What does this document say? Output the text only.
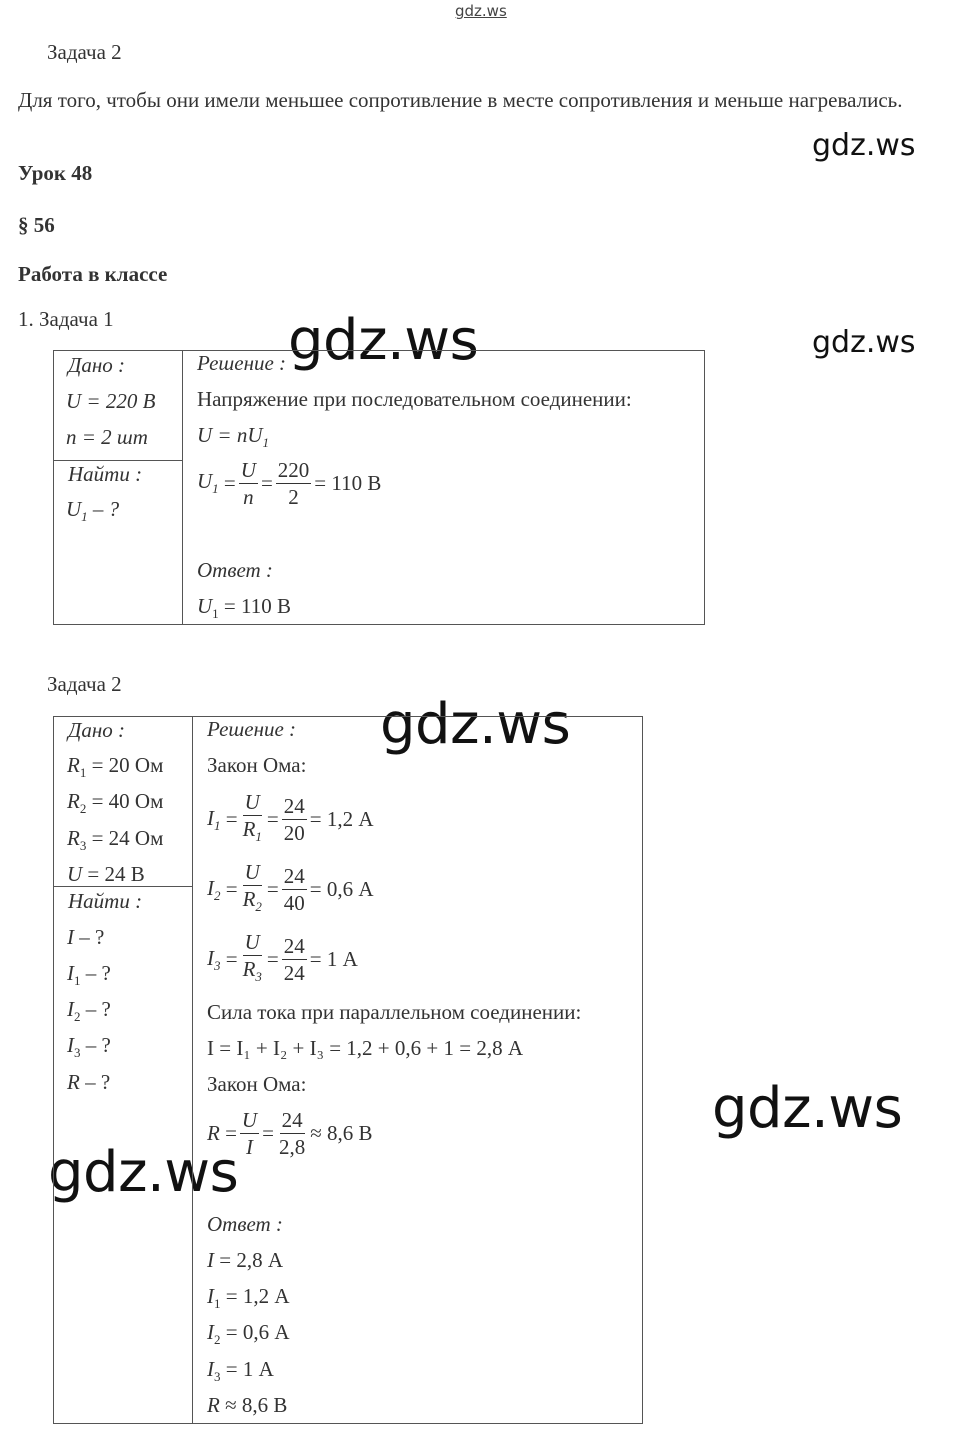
gdz.ws
Задача 2
Для того, чтобы они имели меньшее сопротивление в месте сопротивления и меньше нагревались.
Урок 48
§ 56
Работа в классе
1. Задача 1
gdz.ws
gdz.ws
gdz.ws
gdz.ws
gdz.ws
gdz.ws
Дано :
U = 220 В
n = 2 шт
Найти :
$U_1$ – ?
Решение :
Напряжение при последовательном соединении:
$U = nU_1$
$U_1 = \frac{U}{n} = \frac{220}{2} = 110$ В
Ответ :
$U_1 = 110$ В
Задача 2
Дано :
$R_1 = 20$ Ом
$R_2 = 40$ Ом
$R_3 = 24$ Ом
U = 24 В
Найти :
I – ?
$I_1$ – ?
$I_2$ – ?
$I_3$ – ?
R – ?
Решение :
Закон Ома:
$I_1 = \frac{U}{R_1} = \frac{24}{20} = 1,2$ А
$I_2 = \frac{U}{R_2} = \frac{24}{40} = 0,6$ А
$I_3 = \frac{U}{R_3} = \frac{24}{24} = 1$ А
Сила тока при параллельном соединении:
I = I₁ + I₂ + I₃ = 1,2 + 0,6 + 1 = 2,8 А
Закон Ома:
$R = \frac{U}{I} = \frac{24}{2,8} \approx 8,6$ В
Ответ :
I = 2,8 А
$I_1 = 1,2$ А
$I_2 = 0,6$ А
$I_3 = 1$ А
R ≈ 8,6 В
